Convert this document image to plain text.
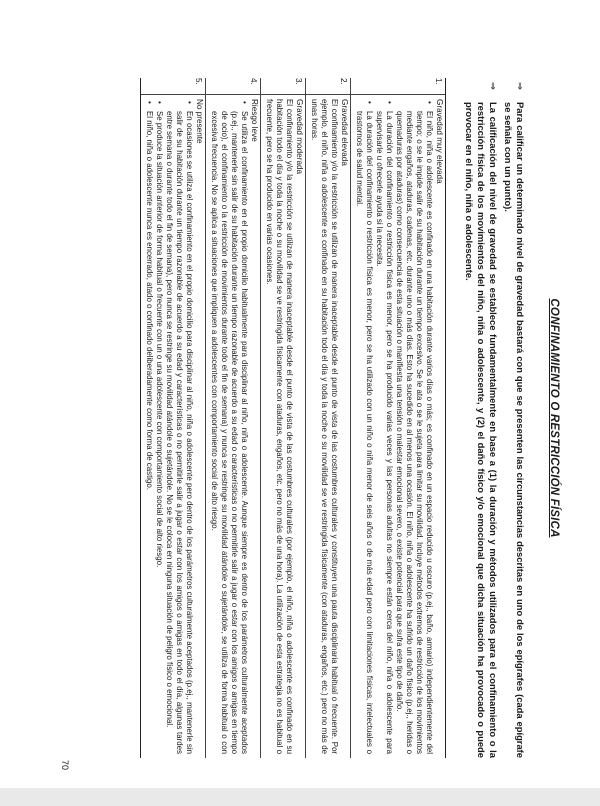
70
CONFINAMIENTO O RESTRICCIÓN FÍSICA
⇒
Para calificar un determinado nivel de gravedad bastará con que se presenten las circunstancias descritas en uno de los epígrafes (cada epígrafe se señala con un punto).
⇒
La calificación del nivel de gravedad se establece fundamentalmente en base a (1) la duración y métodos utilizados para el confinamiento o la restricción física de los movimientos del niño, niña o adolescente, y (2) el daño físico y/o emocional que dicha situación ha provocado o puede provocar en el niño, niña o adolescente.
1.
Gravedad muy elevada
•
El niño, niña o adolescente es confinado en una habitación durante varios días o más; es confinado en un espacio reducido u oscuro (p.ej., baño, armario) independientemente del tiempo; o se le impide salir de su habitación durante un tiempo excesivo. Se le ata o se le sujeta para limitar su movilidad. Incluye métodos extremos de restricción de los movimientos mediante engaños, ataduras, cadenas, etc. durante uno o más días. Esto ha sucedido en al menos una ocasión. El niño, niña o adolescente ha sufrido un daño físico (p.ej., heridas o quemaduras por ataduras) como consecuencia de esta situación o manifiesta una tensión o malestar emocional severo, o existe potencial para que sufra este tipo de daño.
•
La duración del confinamiento o restricción física es menor, pero se ha producido varias veces y las personas adultas no siempre están cerca del niño, niña o adolescente para supervisarle u ofrecerle ayuda si la necesita.
•
La duración del confinamiento o restricción física es menor, pero se ha utilizado con un niño o niña menor de seis años o de más edad pero con limitaciones físicas, intelectuales o trastornos de salud mental.
2.
Gravedad elevada
El confinamiento y/o la restricción se utilizan de manera inaceptable desde el punto de vista de las costumbres culturales y constituyen una pauta disciplinaria habitual o frecuente. Por ejemplo, el niño, niña o adolescente es confinado en su habitación todo el día y toda la noche o su movilidad se ve restringida físicamente (con ataduras, engaños, etc.) pero no más de unas horas.
3.
Gravedad moderada
El confinamiento y/o la restricción se utilizan de manera inaceptable desde el punto de vista de las costumbres culturales (por ejemplo, el niño, niña o adolescente es confinado en su habitación todo el día y toda la noche o su movilidad se ve restringida físicamente con ataduras, engaños, etc. pero no más de una hora). La utilización de esta estrategia no es habitual o frecuente, pero se ha producido en varias ocasiones.
4.
Riesgo leve
•
Se utiliza el confinamiento en el propio domicilio habitualmente para disciplinar al niño, niña o adolescente. Aunque siempre es dentro de los parámetros culturalmente aceptados (p.ej., mantenerle sin salir de su habitación durante un tiempo razonable de acuerdo a su edad o características o no permitirle salir a jugar o estar con los amigos o amigas en tiempo de ocio), el confinamiento o la restricción de movimientos durante todo el fin de semana) y nunca se restringe su movilidad atándole o sujetándole, se utiliza de forma habitual o con excesiva frecuencia. No se aplica a situaciones que impliquen a adolescentes con comportamiento social de alto riesgo.
5.
No presente
•
En ocasiones se utiliza el confinamiento en el propio domicilio para disciplinar al niño, niña o adolescente pero dentro de los parámetros culturalmente aceptados (p.ej., mantenerle sin salir de su habitación durante un tiempo razonable de acuerdo a su edad y características o no permitirle salir a jugar o estar con los amigos o amigas en todo el día, algunas tardes entre semana o durante todo el fin de semana), pero nunca se restringe su movilidad atándole o sujetándole. No se le coloca en ninguna situación de peligro físico o emocional.
•
Se produce la situación anterior de forma habitual o frecuente con un o una adolescente con comportamiento social de alto riesgo.
•
El niño, niña o adolescente nunca es encerrado, atado o confinado deliberadamente como forma de castigo.
